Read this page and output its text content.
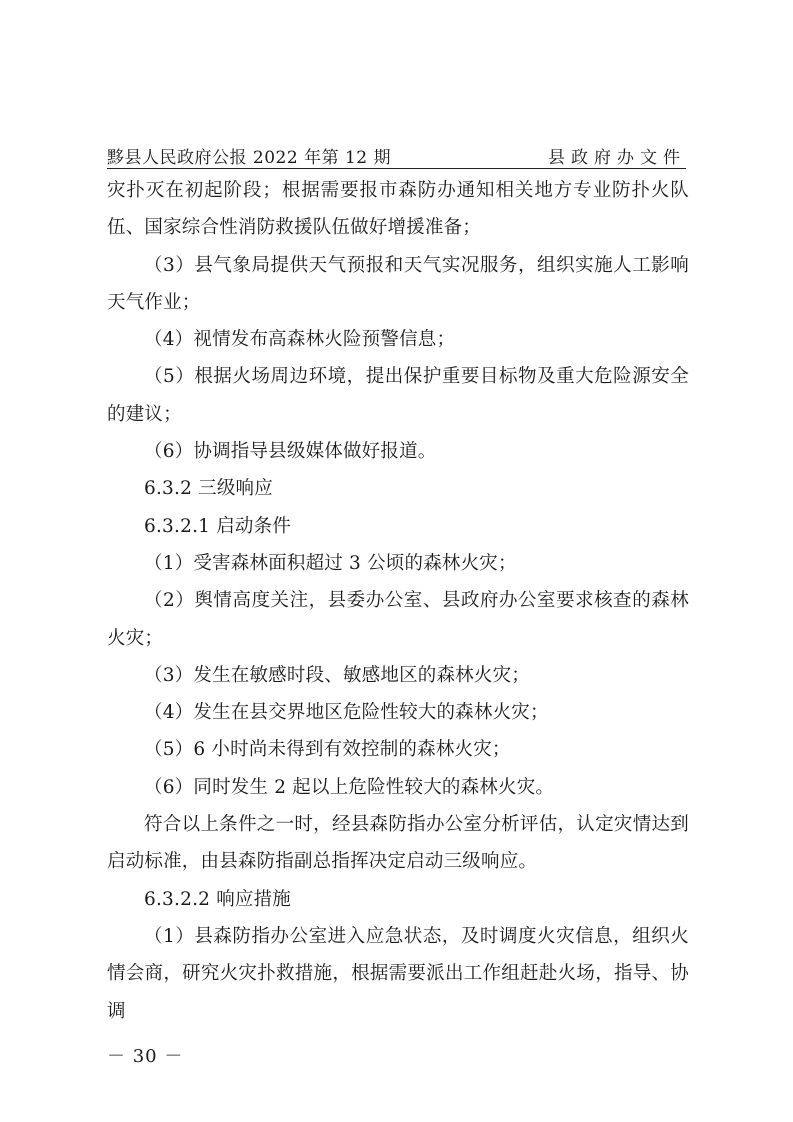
黟县人民政府公报 2022 年第 12 期	县政府办文件

灾扑灭在初起阶段；根据需要报市森防办通知相关地方专业防扑火队伍、国家综合性消防救援队伍做好增援准备；

（3）县气象局提供天气预报和天气实况服务，组织实施人工影响天气作业；

（4）视情发布高森林火险预警信息；

（5）根据火场周边环境，提出保护重要目标物及重大危险源安全的建议；

（6）协调指导县级媒体做好报道。

6.3.2 三级响应

6.3.2.1 启动条件

（1）受害森林面积超过 3 公顷的森林火灾；

（2）舆情高度关注，县委办公室、县政府办公室要求核查的森林火灾；

（3）发生在敏感时段、敏感地区的森林火灾；

（4）发生在县交界地区危险性较大的森林火灾；

（5）6 小时尚未得到有效控制的森林火灾；

（6）同时发生 2 起以上危险性较大的森林火灾。

符合以上条件之一时，经县森防指办公室分析评估，认定灾情达到启动标准，由县森防指副总指挥决定启动三级响应。

6.3.2.2 响应措施

（1）县森防指办公室进入应急状态，及时调度火灾信息，组织火情会商，研究火灾扑救措施，根据需要派出工作组赶赴火场，指导、协调

－ 30 －
